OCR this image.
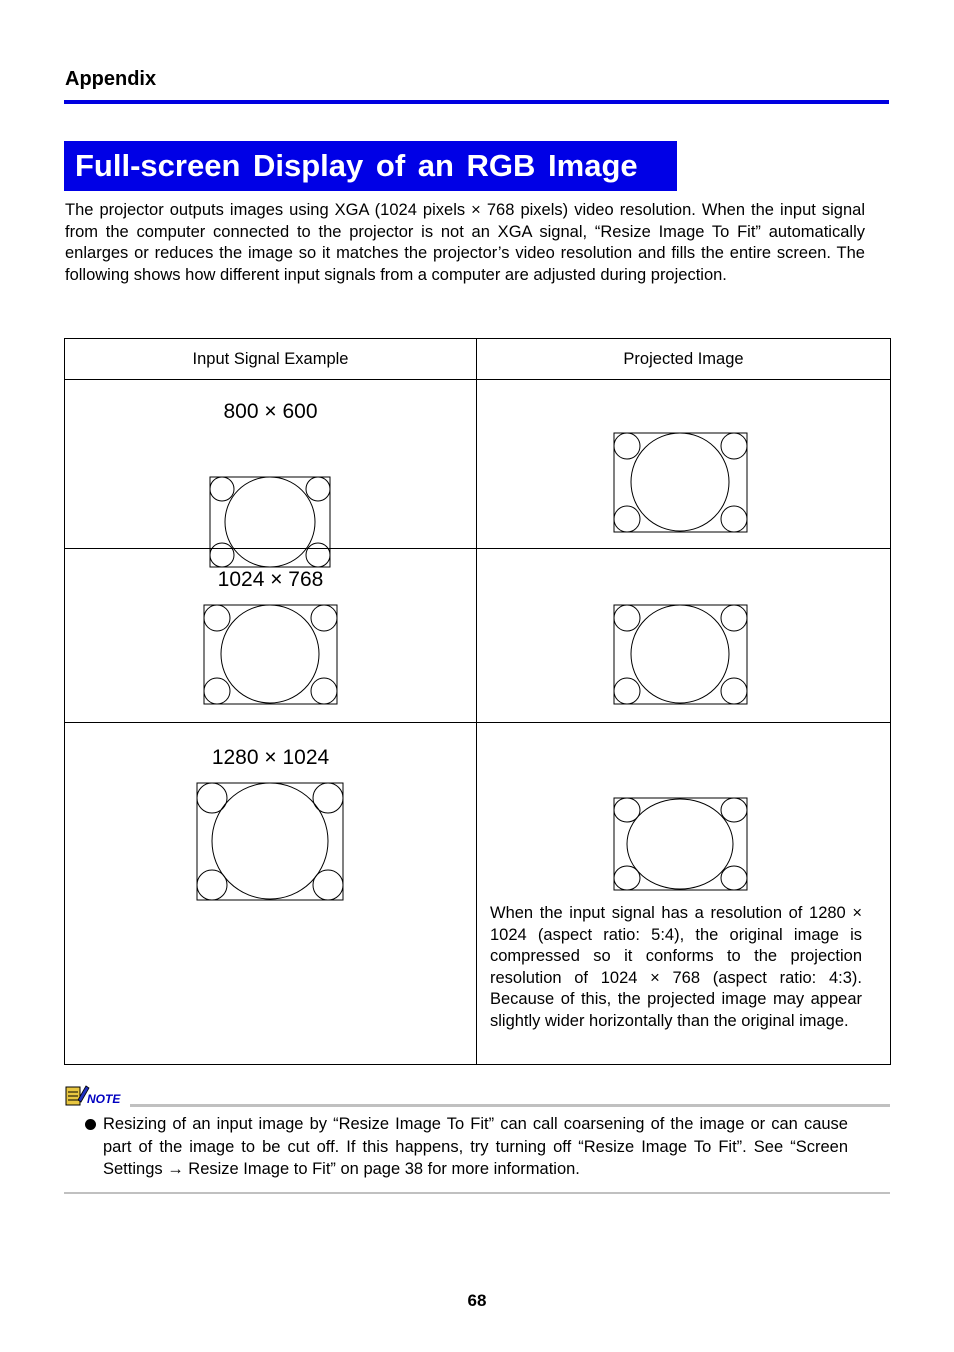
Appendix
Full-screen Display of an RGB Image
The projector outputs images using XGA (1024 pixels × 768 pixels) video resolution. When the input signal from the computer connected to the projector is not an XGA signal, “Resize Image To Fit” automatically enlarges or reduces the image so it matches the projector’s video resolution and fills the entire screen. The following shows how different input signals from a computer are adjusted during projection.
Input Signal Example	Projected Image

800 × 600

1024 × 768

1280 × 1024	When the input signal has a resolution of 1280 × 1024 (aspect ratio: 5:4), the original image is compressed so it conforms to the projection resolution of 1024 × 768 (aspect ratio: 4:3). Because of this, the projected image may appear slightly wider horizontally than the original image.
NOTE
Resizing of an input image by “Resize Image To Fit” can call coarsening of the image or can cause part of the image to be cut off. If this happens, try turning off “Resize Image To Fit”. See “Screen Settings → Resize Image to Fit” on page 38 for more information.
68
